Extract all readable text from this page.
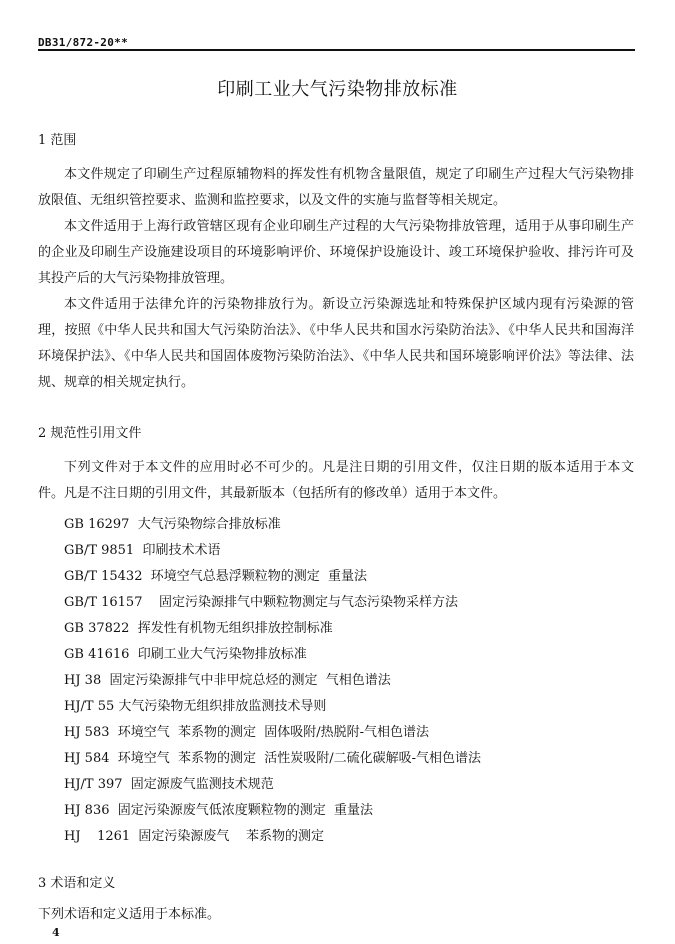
DB31/872-20**
印刷工业大气污染物排放标准
1 范围
本文件规定了印刷生产过程原辅物料的挥发性有机物含量限值，规定了印刷生产过程大气污染物排放限值、无组织管控要求、监测和监控要求，以及文件的实施与监督等相关规定。
本文件适用于上海行政管辖区现有企业印刷生产过程的大气污染物排放管理，适用于从事印刷生产的企业及印刷生产设施建设项目的环境影响评价、环境保护设施设计、竣工环境保护验收、排污许可及其投产后的大气污染物排放管理。
本文件适用于法律允许的污染物排放行为。新设立污染源选址和特殊保护区域内现有污染源的管理，按照《中华人民共和国大气污染防治法》、《中华人民共和国水污染防治法》、《中华人民共和国海洋环境保护法》、《中华人民共和国固体废物污染防治法》、《中华人民共和国环境影响评价法》等法律、法规、规章的相关规定执行。
2 规范性引用文件
下列文件对于本文件的应用时必不可少的。凡是注日期的引用文件，仅注日期的版本适用于本文件。凡是不注日期的引用文件，其最新版本（包括所有的修改单）适用于本文件。
GB 16297  大气污染物综合排放标准
GB/T 9851  印刷技术术语
GB/T 15432  环境空气总悬浮颗粒物的测定  重量法
GB/T 16157    固定污染源排气中颗粒物测定与气态污染物采样方法
GB 37822  挥发性有机物无组织排放控制标准
GB 41616  印刷工业大气污染物排放标准
HJ 38  固定污染源排气中非甲烷总烃的测定  气相色谱法
HJ/T 55 大气污染物无组织排放监测技术导则
HJ 583  环境空气  苯系物的测定  固体吸附/热脱附-气相色谱法
HJ 584  环境空气  苯系物的测定  活性炭吸附/二硫化碳解吸-气相色谱法
HJ/T 397  固定源废气监测技术规范
HJ 836  固定污染源废气低浓度颗粒物的测定  重量法
HJ    1261  固定污染源废气    苯系物的测定
3 术语和定义
下列术语和定义适用于本标准。
4
